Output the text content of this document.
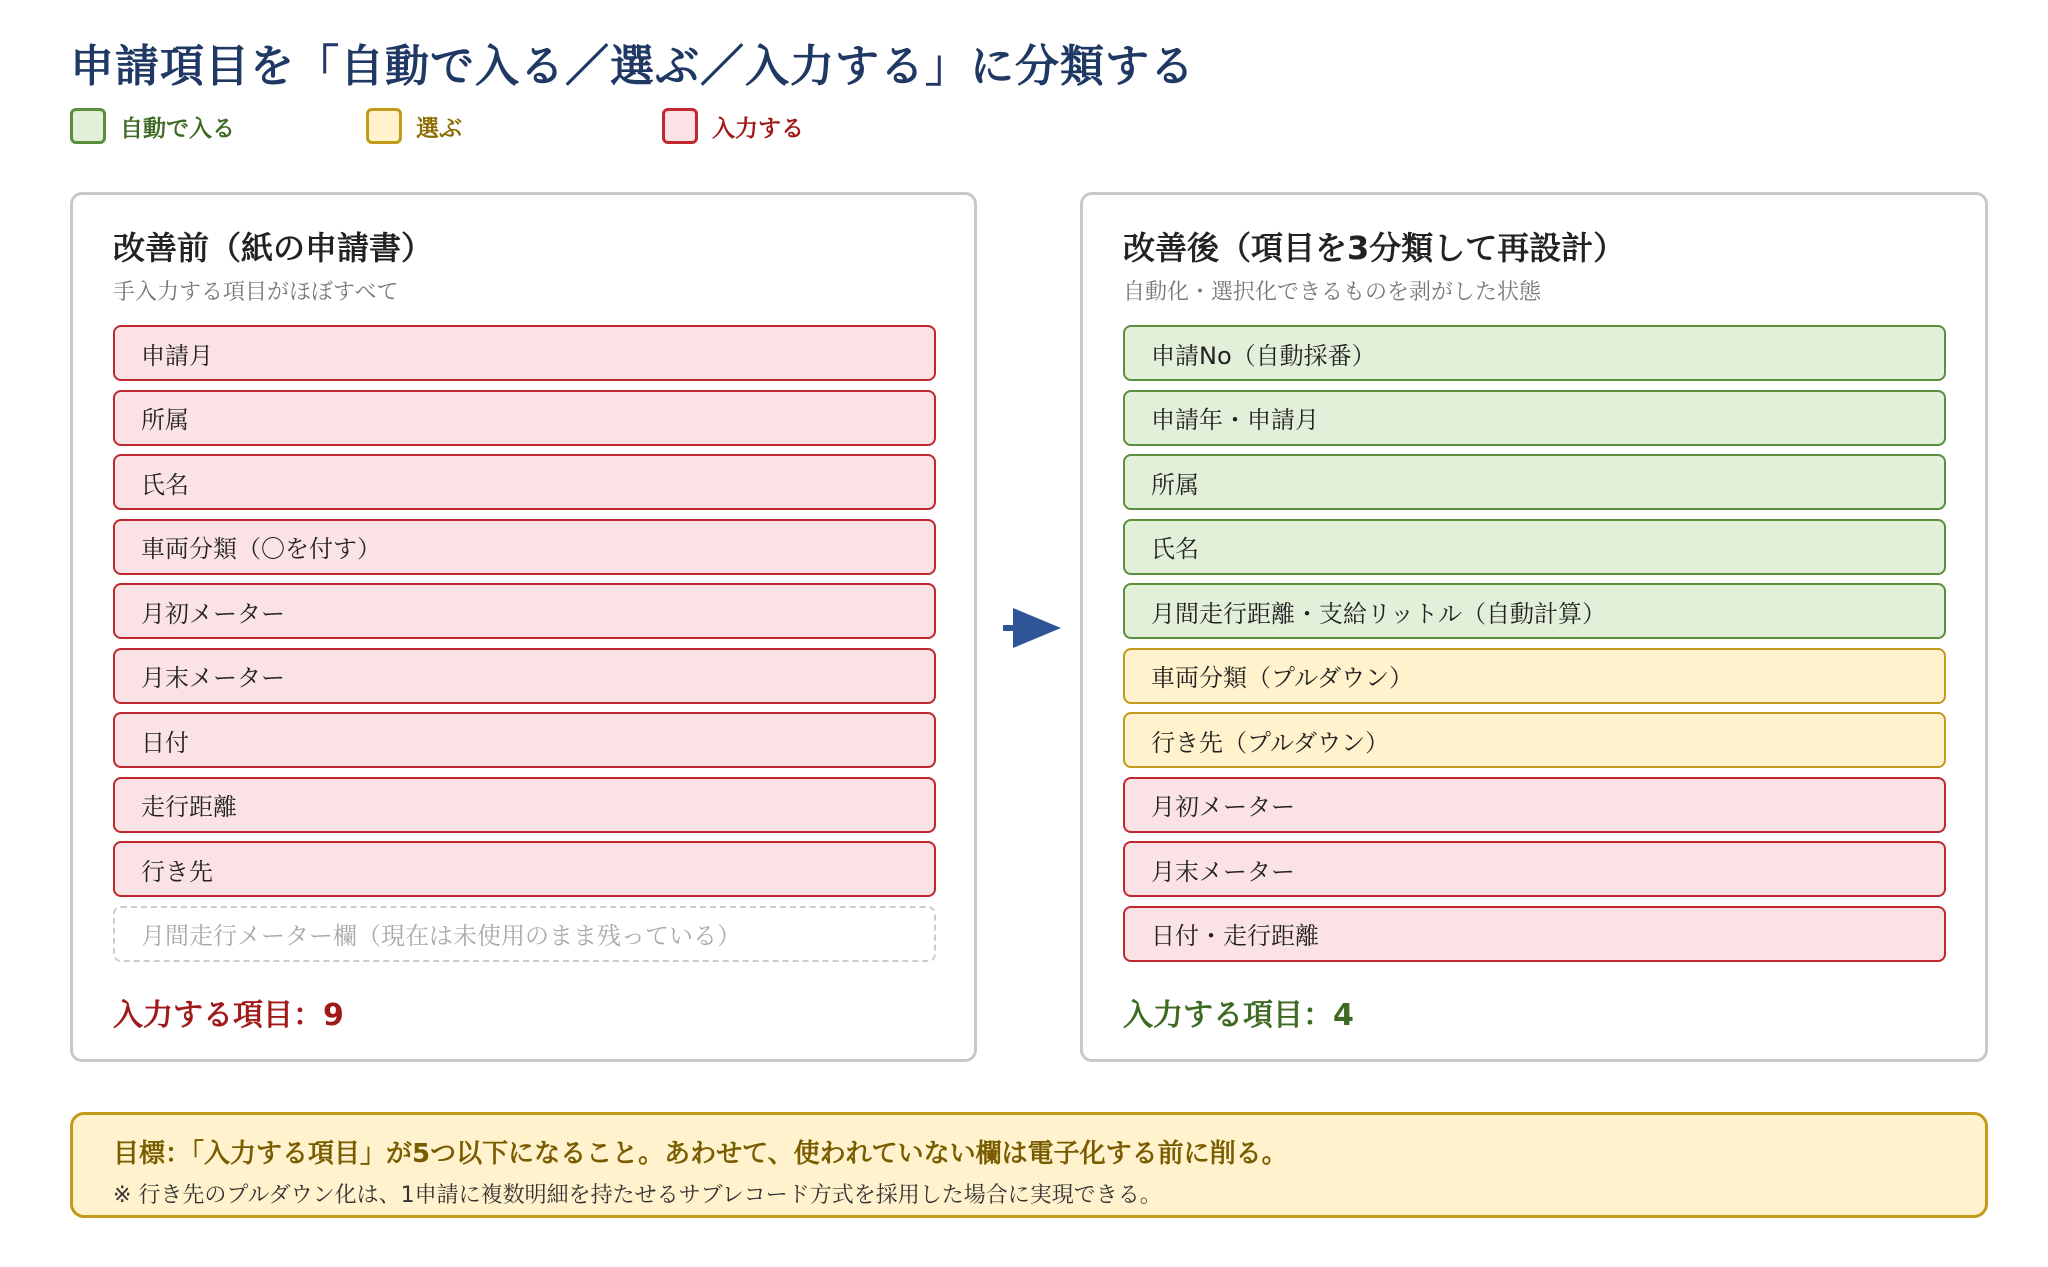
申請項目を「自動で入る／選ぶ／入力する」に分類する
自動で入る	選ぶ	入力する
改善前（紙の申請書）
手入力する項目がほぼすべて
申請月
所属
氏名
車両分類（〇を付す）
月初メーター
月末メーター
日付
走行距離
行き先
月間走行メーター欄（現在は未使用のまま残っている）
入力する項目：9
改善後（項目を3分類して再設計）
自動化・選択化できるものを剥がした状態
申請No（自動採番）
申請年・申請月
所属
氏名
月間走行距離・支給リットル（自動計算）
車両分類（プルダウン）
行き先（プルダウン）
月初メーター
月末メーター
日付・走行距離
入力する項目：4
目標：「入力する項目」が5つ以下になること。あわせて、使われていない欄は電子化する前に削る。
※ 行き先のプルダウン化は、1申請に複数明細を持たせるサブレコード方式を採用した場合に実現できる。
